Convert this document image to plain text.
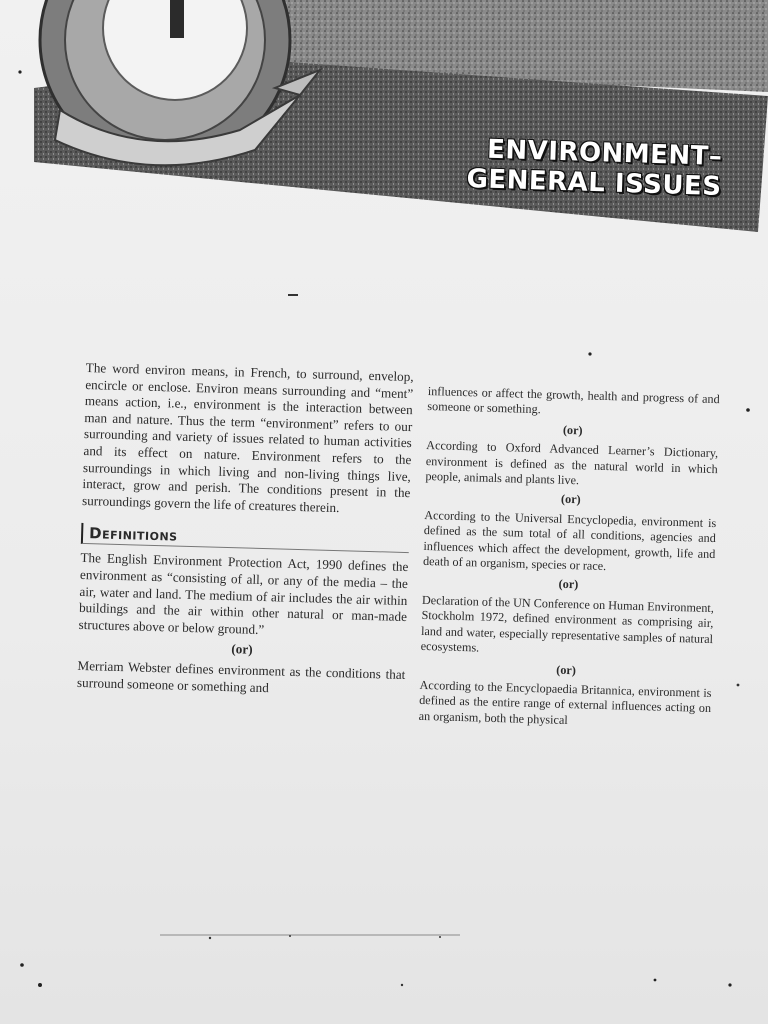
ENVIRONMENT–
GENERAL ISSUES

The word environ means, in French, to surround, envelop, encircle or enclose. Environ means surrounding and “ment” means action, i.e., environment is the interaction between man and nature. Thus the term “environment” refers to our surrounding and variety of issues related to human activities and its effect on nature. Environment refers to the surroundings in which living and non-living things live, interact, grow and perish. The conditions present in the surroundings govern the life of creatures therein.

Definitions

The English Environment Protection Act, 1990 defines the environment as “consisting of all, or any of the media – the air, water and land. The medium of air includes the air within buildings and the air within other natural or man-made structures above or below ground.”

(or)

Merriam Webster defines environment as the conditions that surround someone or something and

influences or affect the growth, health and progress of and someone or something.

(or)

According to Oxford Advanced Learner’s Dictionary, environment is defined as the natural world in which people, animals and plants live.

(or)

According to the Universal Encyclopedia, environment is defined as the sum total of all conditions, agencies and influences which affect the development, growth, life and death of an organism, species or race.

(or)

Declaration of the UN Conference on Human Environment, Stockholm 1972, defined environment as comprising air, land and water, especially representative samples of natural ecosystems.

(or)

According to the Encyclopaedia Britannica, environment is defined as the entire range of external influences acting on an organism, both the physical
